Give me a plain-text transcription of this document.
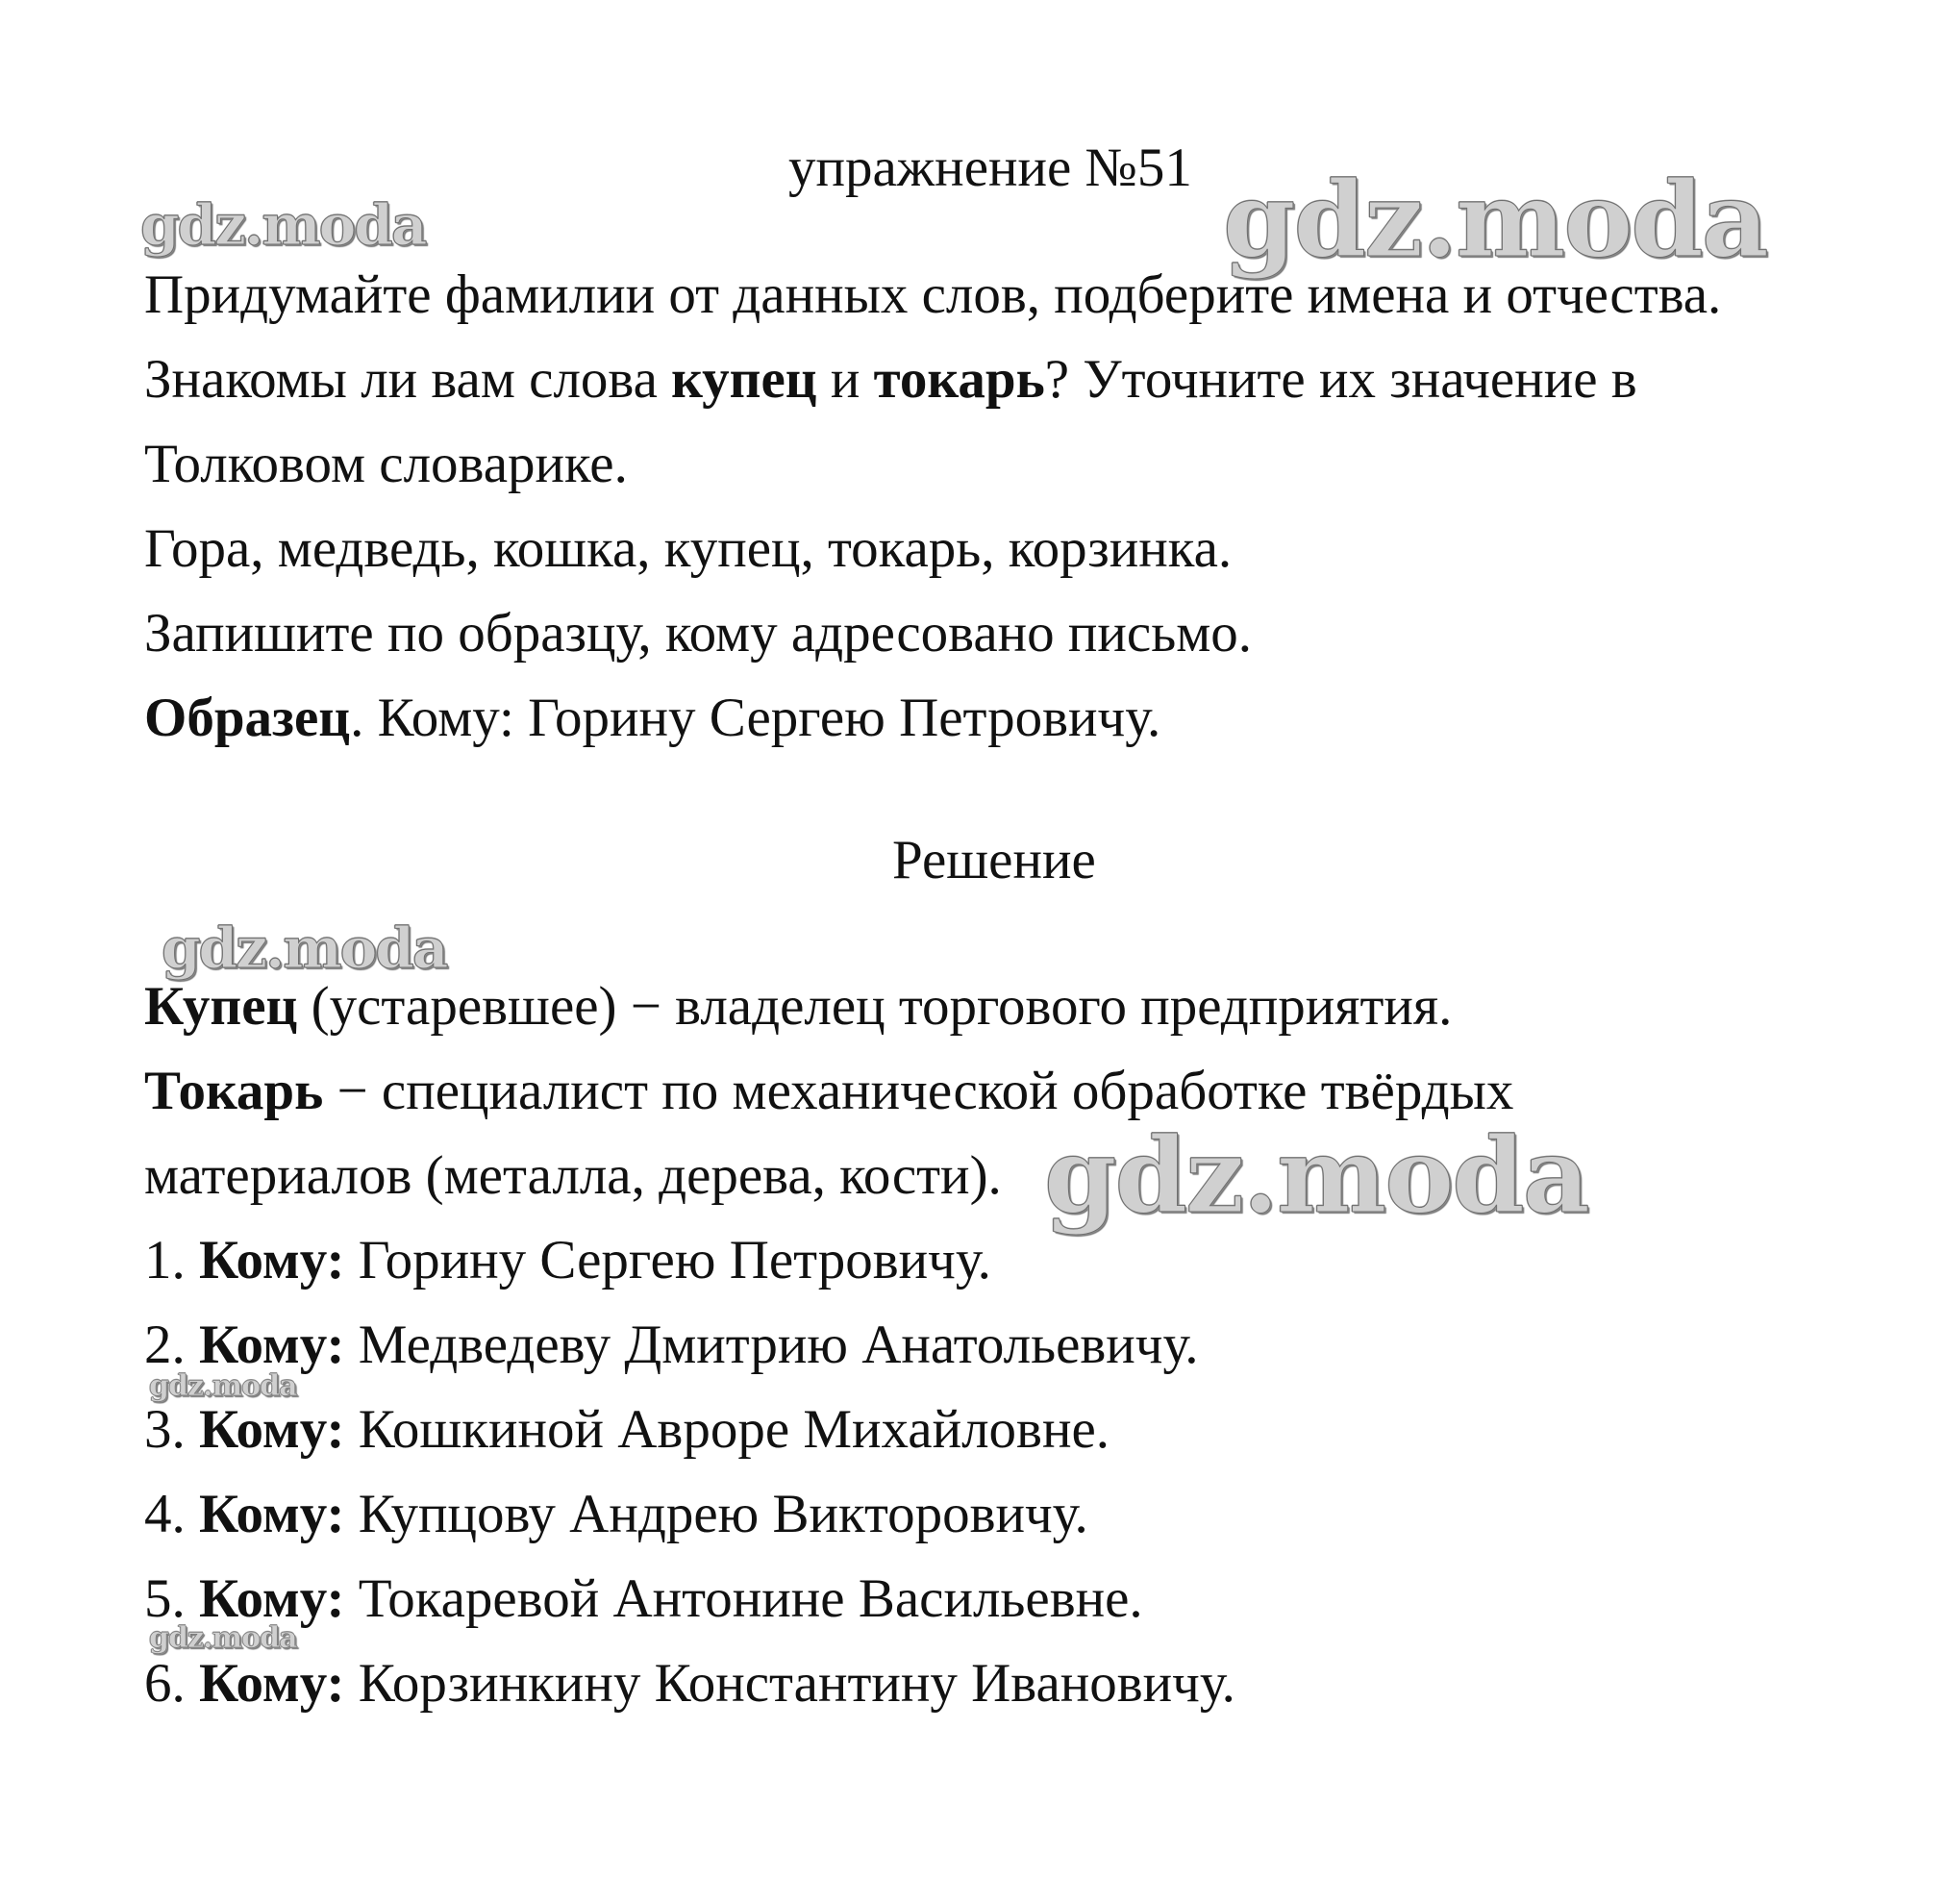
упражнение №51
Придумайте фамилии от данных слов, подберите имена и отчества.
Знакомы ли вам слова купец и токарь? Уточните их значение в
Толковом словарике.
Гора, медведь, кошка, купец, токарь, корзинка.
Запишите по образцу, кому адресовано письмо.
Образец. Кому: Горину Сергею Петровичу.
Решение
Купец (устаревшее) − владелец торгового предприятия.
Токарь − специалист по механической обработке твёрдых
материалов (металла, дерева, кости).
1. Кому: Горину Сергею Петровичу.
2. Кому: Медведеву Дмитрию Анатольевичу.
3. Кому: Кошкиной Авроре Михайловне.
4. Кому: Купцову Андрею Викторовичу.
5. Кому: Токаревой Антонине Васильевне.
6. Кому: Корзинкину Константину Ивановичу.
gdz.moda	gdz.moda
gdz.moda
gdz.moda
gdz.moda
gdz.moda
